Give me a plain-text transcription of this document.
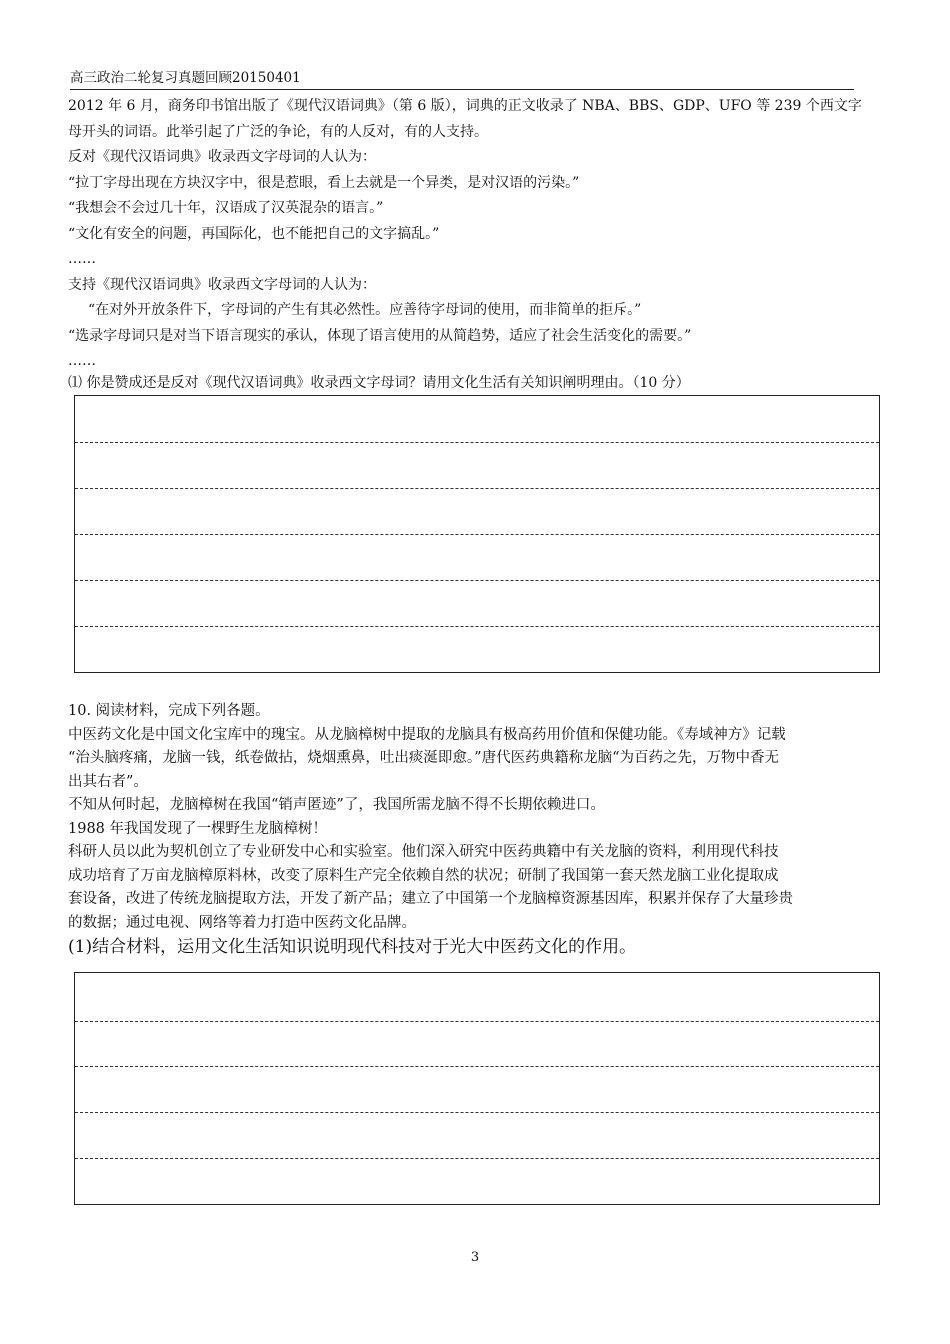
高三政治二轮复习真题回顾20150401
2012 年 6 月，商务印书馆出版了《现代汉语词典》（第 6 版），词典的正文收录了 NBA、BBS、GDP、UFO 等 239 个西文字
母开头的词语。此举引起了广泛的争论，有的人反对，有的人支持。
反对《现代汉语词典》收录西文字母词的人认为：
“拉丁字母出现在方块汉字中，很是惹眼，看上去就是一个异类，是对汉语的污染。”
“我想会不会过几十年，汉语成了汉英混杂的语言。”
“文化有安全的问题，再国际化，也不能把自己的文字搞乱。”
……
支持《现代汉语词典》收录西文字母词的人认为：
“在对外开放条件下，字母词的产生有其必然性。应善待字母词的使用，而非简单的拒斥。”
“选录字母词只是对当下语言现实的承认，体现了语言使用的从简趋势，适应了社会生活变化的需要。”
……
⑴ 你是赞成还是反对《现代汉语词典》收录西文字母词？请用文化生活有关知识阐明理由。（10 分）
10. 阅读材料，完成下列各题。
中医药文化是中国文化宝库中的瑰宝。从龙脑樟树中提取的龙脑具有极高药用价值和保健功能。《寿域神方》记载
“治头脑疼痛，龙脑一钱，纸卷做拈，烧烟熏鼻，吐出痰涎即愈。”唐代医药典籍称龙脑“为百药之先，万物中香无
出其右者”。
不知从何时起，龙脑樟树在我国“销声匿迹”了，我国所需龙脑不得不长期依赖进口。
1988 年我国发现了一棵野生龙脑樟树！
科研人员以此为契机创立了专业研发中心和实验室。他们深入研究中医药典籍中有关龙脑的资料，利用现代科技
成功培育了万亩龙脑樟原料林，改变了原料生产完全依赖自然的状况；研制了我国第一套天然龙脑工业化提取成
套设备，改进了传统龙脑提取方法，开发了新产品；建立了中国第一个龙脑樟资源基因库，积累并保存了大量珍贵
的数据；通过电视、网络等着力打造中医药文化品牌。
(1)结合材料，运用文化生活知识说明现代科技对于光大中医药文化的作用。
3
